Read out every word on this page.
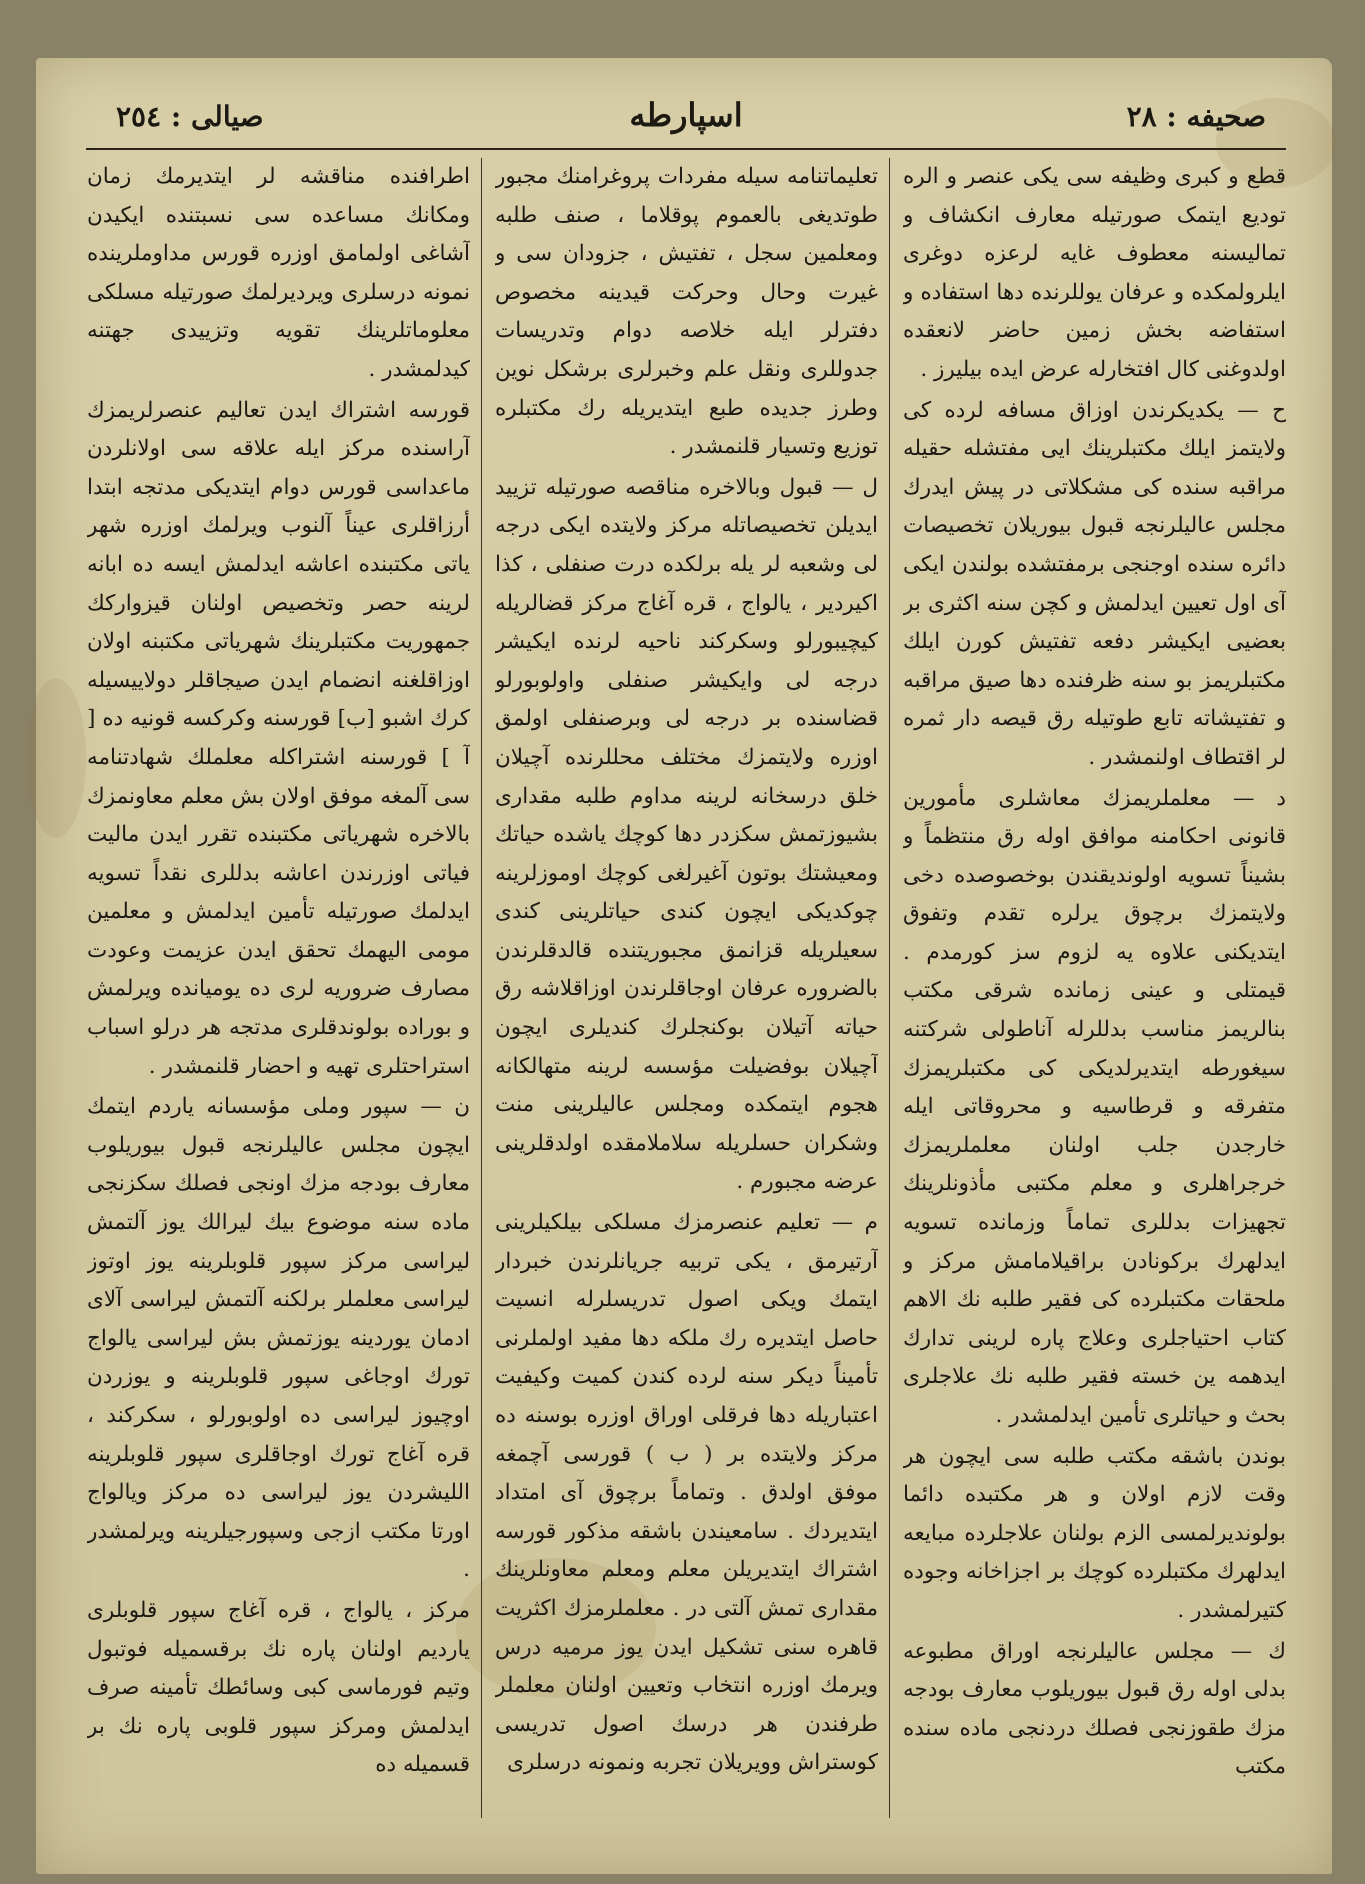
صحیفه : ٢٨
اسپارطه
صیالی : ٢٥٤

قطع و کبری وظیفه سی یکی عنصر و الره تودیع ایتمک صورتیله معارف انکشاف و تمالیسنه معطوف غایه لرعزه دوغری ایلرولمکده و عرفان یوللرنده دها استفاده و استفاضه بخش زمین حاضر لانعقده اولدوغنی کال افتخارله عرض ایده بیلیرز .

ح — یکدیکرندن اوزاق مسافه لرده کی ولایتمز ایلك مکتبلرینك ایی مفتشله حقیله مراقبه سنده کی مشکلاتی در پیش ایدرك مجلس عالیلرنجه قبول بیوریلان تخصیصات دائره سنده اوجنجی برمفتشده بولندن ایکی آی اول تعیین ایدلمش و کچن سنه اکثری بر بعضیی ایکیشر دفعه تفتیش کورن ایلك مکتبلریمز بو سنه ظرفنده دها صیق مراقبه و تفتیشاته تابع طوتیله رق قیصه دار ثمره لر اقتطاف اولنمشدر .

د — معلملریمزك معاشلری مأمورین قانونی احکامنه موافق اوله رق منتظماً و بشیناً تسویه اولوندیقندن بوخصوصده دخی ولایتمزك برچوق یرلره تقدم وتفوق ایتدیکنی علاوه یه لزوم سز کورمدم . قیمتلی و عینی زمانده شرقی مکتب بنالریمز مناسب بدللرله آناطولی شرکتنه سیغورطه ایتدیرلدیکی کی مکتبلریمزك متفرقه و قرطاسیه و محروقاتی ایله خارجدن جلب اولنان معلملریمزك خرجراهلری و معلم مکتبی مأذونلرینك تجهیزات بدللری تماماً وزمانده تسویه ایدلهرك برکونادن براقیلامامش مرکز و ملحقات مکتبلرده کی فقیر طلبه نك الاهم کتاب احتیاجلری وعلاج پاره لرینی تدارك ایدهمه ین خسته فقیر طلبه نك علاجلری بحث و حیاتلری تأمین ایدلمشدر .

بوندن باشقه مکتب طلبه سی ایچون هر وقت لازم اولان و هر مکتبده دائما بولوندیرلمسی الزم بولنان علاجلرده مبایعه ایدلهرك مکتبلرده کوچك بر اجزاخانه وجوده کتیرلمشدر .

ك — مجلس عالیلرنجه اوراق مطبوعه بدلی اوله رق قبول بیوریلوب معارف بودجه مزك طقوزنجی فصلك دردنجی ماده سنده مکتب

تعلیماتنامه سیله مفردات پروغرامنك مجبور طوتدیغی بالعموم پوقلاما ، صنف طلبه ومعلمین سجل ، تفتیش ، جزودان سی و غیرت وحال وحرکت قیدینه مخصوص دفترلر ایله خلاصه دوام وتدریسات جدوللری ونقل علم وخبرلری برشکل نوین وطرز جدیده طبع ایتدیریله رك مکتبلره توزیع وتسیار قلنمشدر .

ل — قبول وبالاخره مناقصه صورتیله تزیید ایدیلن تخصیصاتله مرکز ولایتده ایکی درجه لی وشعبه لر یله برلکده درت صنفلی ، کذا اکیردیر ، یالواج ، قره آغاج مرکز قضالریله کیچیبورلو وسکرکند ناحیه لرنده ایکیشر درجه لی وایکیشر صنفلی واولوبورلو قضاسنده بر درجه لی وبرصنفلی اولمق اوزره ولایتمزك مختلف محللرنده آچیلان خلق درسخانه لرینه مداوم طلبه مقداری بشیوزتمش سکزدر دها کوچك یاشده حیاتك ومعیشتك بوتون آغیرلغی کوچك اوموزلرینه چوکدیکی ایچون کندی حیاتلرینی کندی سعیلریله قزانمق مجبوریتنده قالدقلرندن بالضروره عرفان اوجاقلرندن اوزاقلاشه رق حیاته آتیلان بوکنجلرك کندیلری ایچون آچیلان بوفضیلت مؤسسه لرینه متهالکانه هجوم ایتمکده ومجلس عالیلرینی منت وشکران حسلریله سلاملامقده اولدقلرینی عرضه مجبورم .

م — تعلیم عنصرمزك مسلکی بیلکیلرینی آرتیرمق ، یکی تربیه جریانلرندن خبردار ایتمك ویکی اصول تدریسلرله انسیت حاصل ایتدیره رك ملکه دها مفید اولملرنی تأمیناً دیکر سنه لرده کندن کمیت وکیفیت اعتباریله دها فرقلی اوراق اوزره بوسنه ده مرکز ولایتده بر ( ب ) قورسی آچمغه موفق اولدق . وتماماً برچوق آی امتداد ایتدیردك . سامعیندن باشقه مذکور قورسه اشتراك ایتدیریلن معلم ومعلم معاونلرینك مقداری تمش آلتی در . معلملرمزك اکثریت قاهره سنی تشکیل ایدن یوز مرمیه درس ویرمك اوزره انتخاب وتعیین اولنان معلملر طرفندن هر درسك اصول تدریسی کوستراش وویریلان تجربه ونمونه درسلری

اطرافنده مناقشه لر ایتدیرمك زمان ومکانك مساعده سی نسبتنده ایکیدن آشاغی اولمامق اوزره قورس مداوملرینده نمونه درسلری ویردیرلمك صورتیله مسلکی معلوماتلرینك تقویه وتزییدی جهتنه کیدلمشدر .

قورسه اشتراك ایدن تعالیم عنصرلریمزك آراسنده مرکز ایله علاقه سی اولانلردن ماعداسی قورس دوام ایتدیکی مدتجه ابتدا أرزاقلری عیناً آلنوب ویرلمك اوزره شهر یاتی مکتبنده اعاشه ایدلمش ایسه ده ابانه لرینه حصر وتخصیص اولنان قیزوارکك جمهوریت مکتبلرینك شهریاتی مکتبنه اولان اوزاقلغنه انضمام ایدن صیجاقلر دولاییسیله کرك اشبو [ب] قورسنه وکرکسه قونیه ده [ آ ] قورسنه اشتراکله معلملك شهادتنامه سی آلمغه موفق اولان بش معلم معاونمزك بالاخره شهریاتی مکتبنده تقرر ایدن مالیت فیاتی اوزرندن اعاشه بدللری نقداً تسویه ایدلمك صورتیله تأمین ایدلمش و معلمین مومی الیهمك تحقق ایدن عزیمت وعودت مصارف ضروریه لری ده یومیانده ویرلمش و بوراده بولوندقلری مدتجه هر درلو اسباب استراحتلری تهیه و احضار قلنمشدر .

ن — سپور وملی مؤسسانه یاردم ایتمك ایچون مجلس عالیلرنجه قبول بیوریلوب معارف بودجه مزك اونجی فصلك سکزنجی ماده سنه موضوع بیك لیرالك یوز آلتمش لیراسی مرکز سپور قلوبلرینه یوز اوتوز لیراسی معلملر برلکنه آلتمش لیراسی آلای ادمان یوردینه یوزتمش بش لیراسی یالواج تورك اوجاغی سپور قلوبلرینه و یوزردن اوچیوز لیراسی ده اولوبورلو ، سکرکند ، قره آغاج تورك اوجاقلری سپور قلوبلرینه اللیشردن یوز لیراسی ده مرکز ویالواج اورتا مکتب ازجی وسپورجیلرینه ویرلمشدر .

مرکز ، یالواج ، قره آغاج سپور قلوبلری یاردیم اولنان پاره نك برقسمیله فوتبول وتیم فورماسی کبی وسائطك تأمینه صرف ایدلمش ومرکز سپور قلوبی پاره نك بر قسمیله ده
